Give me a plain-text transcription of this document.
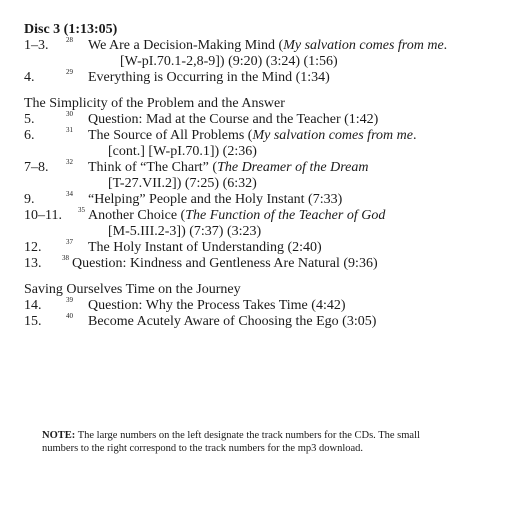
Disc 3 (1:13:05)
1–3.	28 We Are a Decision-Making Mind (My salvation comes from me.
[W-pI.70.1-2,8-9]) (9:20) (3:24) (1:56)
4.	29 Everything is Occurring in the Mind (1:34)
The Simplicity of the Problem and the Answer
5.	30 Question: Mad at the Course and the Teacher (1:42)
6.	31 The Source of All Problems (My salvation comes from me.
[cont.] [W-pI.70.1]) (2:36)
7–8.	32 Think of “The Chart” (The Dreamer of the Dream
[T-27.VII.2]) (7:25) (6:32)
9.	34 “Helping” People and the Holy Instant (7:33)
10–11. 35 Another Choice (The Function of the Teacher of God
[M-5.III.2-3]) (7:37) (3:23)
12.	37 The Holy Instant of Understanding (2:40)
13.	38 Question: Kindness and Gentleness Are Natural (9:36)
Saving Ourselves Time on the Journey
14.	39 Question: Why the Process Takes Time (4:42)
15.	40 Become Acutely Aware of Choosing the Ego (3:05)
NOTE: The large numbers on the left designate the track numbers for the CDs. The small numbers to the right correspond to the track numbers for the mp3 download.
